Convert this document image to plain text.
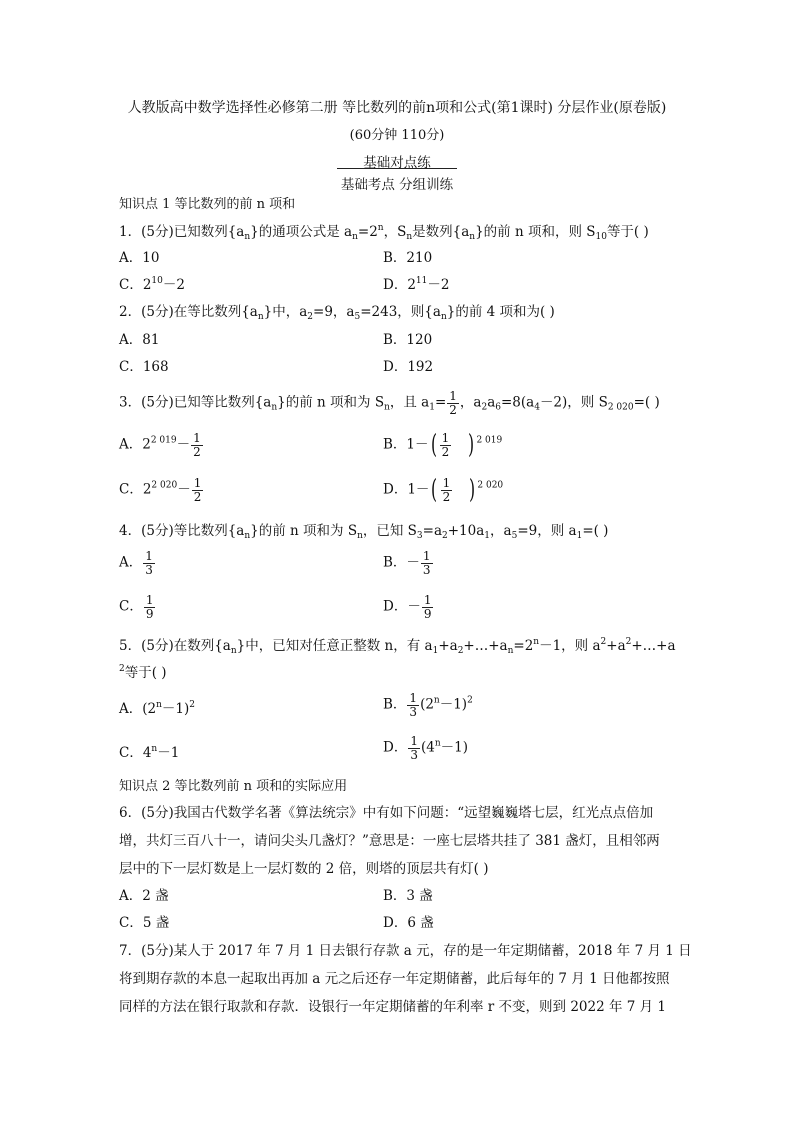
人教版高中数学选择性必修第二册 等比数列的前n项和公式(第1课时) 分层作业(原卷版)
(60分钟 110分)
基础对点练
基础考点 分组训练
知识点 1 等比数列的前 n 项和
1．(5分)已知数列$\{a_n\}$的通项公式是 $a_n=2^n$，$S_n$是数列$\{a_n\}$的前 n 项和，则 $S_{10}$等于( )
A．10	B．210
C．$2^{10}-2$	D．$2^{11}-2$
2．(5分)在等比数列$\{a_n\}$中，$a_2=9$，$a_5=243$，则$\{a_n\}$的前 4 项和为( )
A．81	B．120
C．168	D．192
3．(5分)已知等比数列$\{a_n\}$的前 n 项和为 $S_n$，且 $a_1= \frac{1}{2}$ ，$a_2a_6=8(a_4-2)$，则 $S_{2 020}=$( )
A．$2^{2 019}- \frac{1}{2}$	B．$1-( \frac{1}{2}$ ) $^{2 019}$
C．$2^{2 020}- \frac{1}{2}$	D．$1-( \frac{1}{2}$ ) $^{2 020}$
4．(5分)等比数列$\{a_n\}$的前 n 项和为 $S_n$，已知 $S_3=a_2+10a_1$，$a_5=9$，则 $a_1=$( )
A． $\frac{1}{3}$	B．－ $\frac{1}{3}$
C． $\frac{1}{9}$	D．－ $\frac{1}{9}$
5．(5分)在数列$\{a_n\}$中，已知对任意正整数 n，有 $a_1+a_2+\dots+a_n=2^n-1$，则 $a^2+a^2+\dots+a$
$^2$等于( )
A．$(2^n-1)^2$	B． $\frac{1}{3} (2^n-1)^2$
C．$4^n-1$	D． $\frac{1}{3} (4^n-1)$
知识点 2 等比数列前 n 项和的实际应用
6．(5分)我国古代数学名著《算法统宗》中有如下问题：“远望巍巍塔七层，红光点点倍加
增，共灯三百八十一，请问尖头几盏灯？”意思是：一座七层塔共挂了 381 盏灯，且相邻两
层中的下一层灯数是上一层灯数的 2 倍，则塔的顶层共有灯( )
A．2 盏	B．3 盏
C．5 盏	D．6 盏
7．(5分)某人于 2017 年 7 月 1 日去银行存款 a 元，存的是一年定期储蓄，2018 年 7 月 1 日
将到期存款的本息一起取出再加 a 元之后还存一年定期储蓄，此后每年的 7 月 1 日他都按照
同样的方法在银行取款和存款．设银行一年定期储蓄的年利率 r 不变，则到 2022 年 7 月 1
